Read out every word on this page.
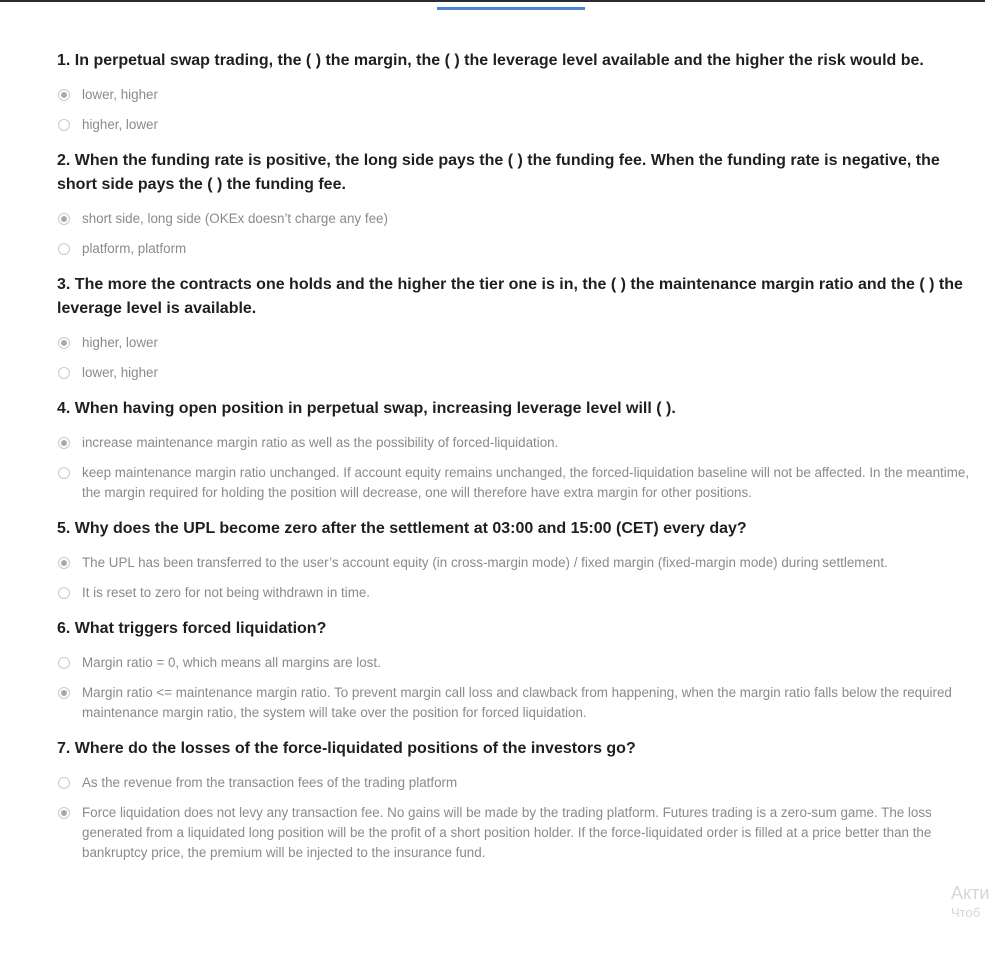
1. In perpetual swap trading, the ( ) the margin, the ( ) the leverage level available and the higher the risk would be.
lower, higher
higher, lower
2. When the funding rate is positive, the long side pays the ( ) the funding fee. When the funding rate is negative, the short side pays the ( ) the funding fee.
short side, long side (OKEx doesn’t charge any fee)
platform, platform
3. The more the contracts one holds and the higher the tier one is in, the ( ) the maintenance margin ratio and the ( ) the leverage level is available.
higher, lower
lower, higher
4. When having open position in perpetual swap, increasing leverage level will ( ).
increase maintenance margin ratio as well as the possibility of forced-liquidation.
keep maintenance margin ratio unchanged. If account equity remains unchanged, the forced-liquidation baseline will not be affected. In the meantime, the margin required for holding the position will decrease, one will therefore have extra margin for other positions.
5. Why does the UPL become zero after the settlement at 03:00 and 15:00 (CET) every day?
The UPL has been transferred to the user’s account equity (in cross-margin mode) / fixed margin (fixed-margin mode) during settlement.
It is reset to zero for not being withdrawn in time.
6. What triggers forced liquidation?
Margin ratio = 0, which means all margins are lost.
Margin ratio <= maintenance margin ratio. To prevent margin call loss and clawback from happening, when the margin ratio falls below the required maintenance margin ratio, the system will take over the position for forced liquidation.
7. Where do the losses of the force-liquidated positions of the investors go?
As the revenue from the transaction fees of the trading platform
Force liquidation does not levy any transaction fee. No gains will be made by the trading platform. Futures trading is a zero-sum game. The loss generated from a liquidated long position will be the profit of a short position holder. If the force-liquidated order is filled at a price better than the bankruptcy price, the premium will be injected to the insurance fund.
Акти
Чтоб
